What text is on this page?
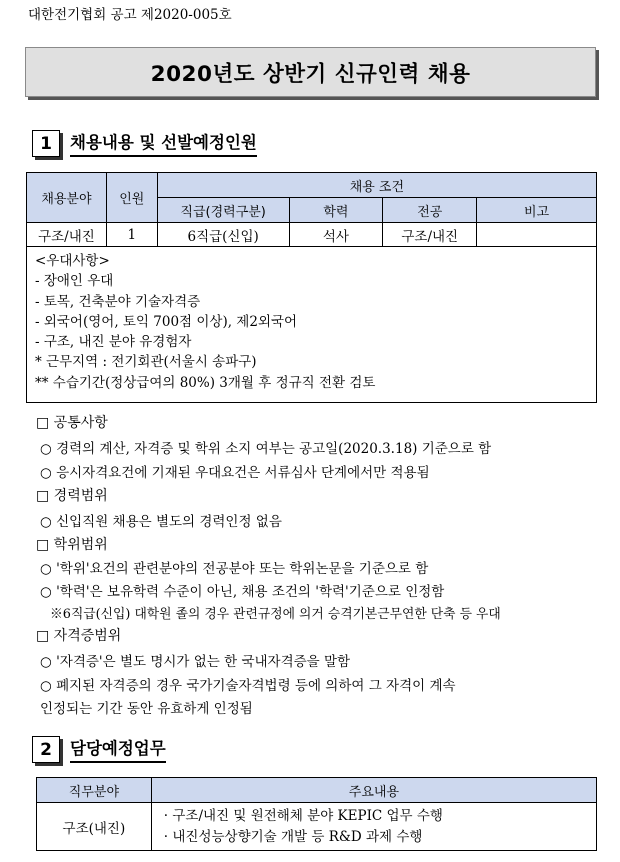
대한전기협회 공고 제2020-005호
2020년도 상반기 신규인력 채용
1	채용내용 및 선발예정인원
채용분야	인원	채용 조건			
		직급(경력구분)	학력	전공	비고
구조/내진	1	6직급(신입)	석사	구조/내진	
<우대사항>
- 장애인 우대
- 토목, 건축분야 기술자격증
- 외국어(영어, 토익 700점 이상), 제2외국어
- 구조, 내진 분야 유경험자
* 근무지역 : 전기회관(서울시 송파구)
** 수습기간(정상급여의 80%) 3개월 후 정규직 전환 검토
□ 공통사항
○ 경력의 계산, 자격증 및 학위 소지 여부는 공고일(2020.3.18) 기준으로 함
○ 응시자격요건에 기재된 우대요건은 서류심사 단계에서만 적용됨
□ 경력범위
○ 신입직원 채용은 별도의 경력인정 없음
□ 학위범위
○ '학위'요건의 관련분야의 전공분야 또는 학위논문을 기준으로 함
○ '학력'은 보유학력 수준이 아닌, 채용 조건의 '학력'기준으로 인정함
※6직급(신입) 대학원 졸의 경우 관련규정에 의거 승격기본근무연한 단축 등 우대
□ 자격증범위
○ '자격증'은 별도 명시가 없는 한 국내자격증을 말함
○ 폐지된 자격증의 경우 국가기술자격법령 등에 의하여 그 자격이 계속
인정되는 기간 동안 유효하게 인정됨
2	담당예정업무
직무분야	주요내용
구조(내진)	· 구조/내진 및 원전해체 분야 KEPIC 업무 수행
· 내진성능상향기술 개발 등 R&D 과제 수행
